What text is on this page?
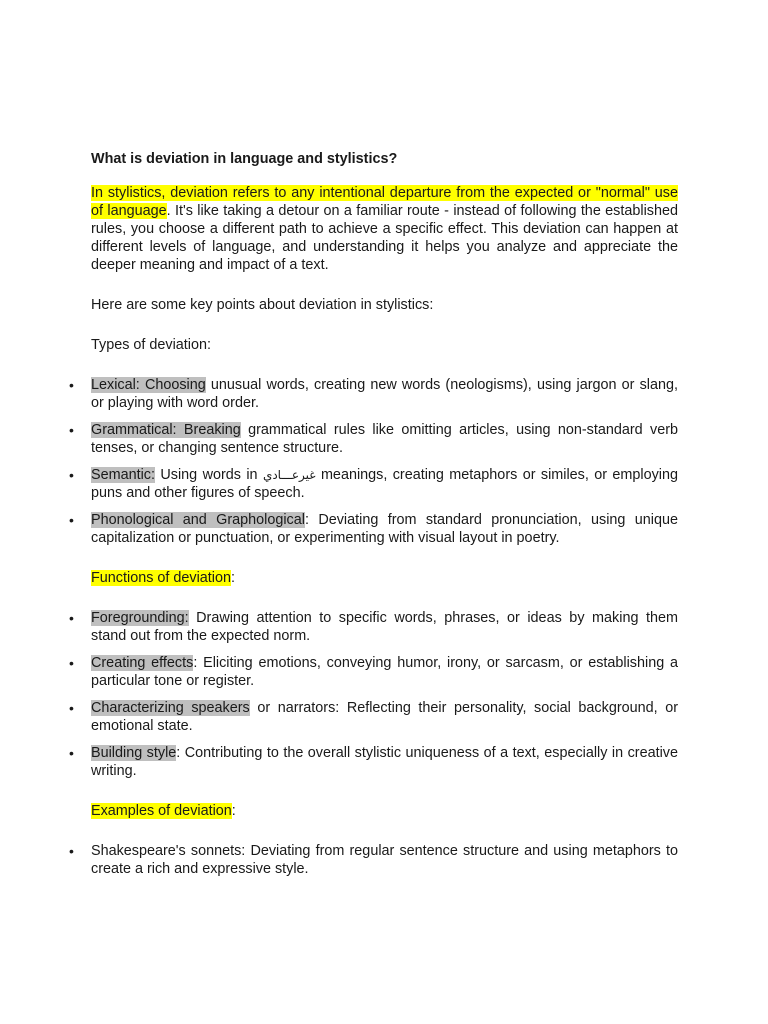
What is deviation in language and stylistics?

In stylistics, deviation refers to any intentional departure from the expected or "normal" use of language. It's like taking a detour on a familiar route - instead of following the established rules, you choose a different path to achieve a specific effect. This deviation can happen at different levels of language, and understanding it helps you analyze and appreciate the deeper meaning and impact of a text.

Here are some key points about deviation in stylistics:

Types of deviation:

• Lexical: Choosing unusual words, creating new words (neologisms), using jargon or slang, or playing with word order.
• Grammatical: Breaking grammatical rules like omitting articles, using non-standard verb tenses, or changing sentence structure.
• Semantic: Using words in غيرعـــادي meanings, creating metaphors or similes, or employing puns and other figures of speech.
• Phonological and Graphological: Deviating from standard pronunciation, using unique capitalization or punctuation, or experimenting with visual layout in poetry.

Functions of deviation:

• Foregrounding: Drawing attention to specific words, phrases, or ideas by making them stand out from the expected norm.
• Creating effects: Eliciting emotions, conveying humor, irony, or sarcasm, or establishing a particular tone or register.
• Characterizing speakers or narrators: Reflecting their personality, social background, or emotional state.
• Building style: Contributing to the overall stylistic uniqueness of a text, especially in creative writing.

Examples of deviation:

• Shakespeare's sonnets: Deviating from regular sentence structure and using metaphors to create a rich and expressive style.
